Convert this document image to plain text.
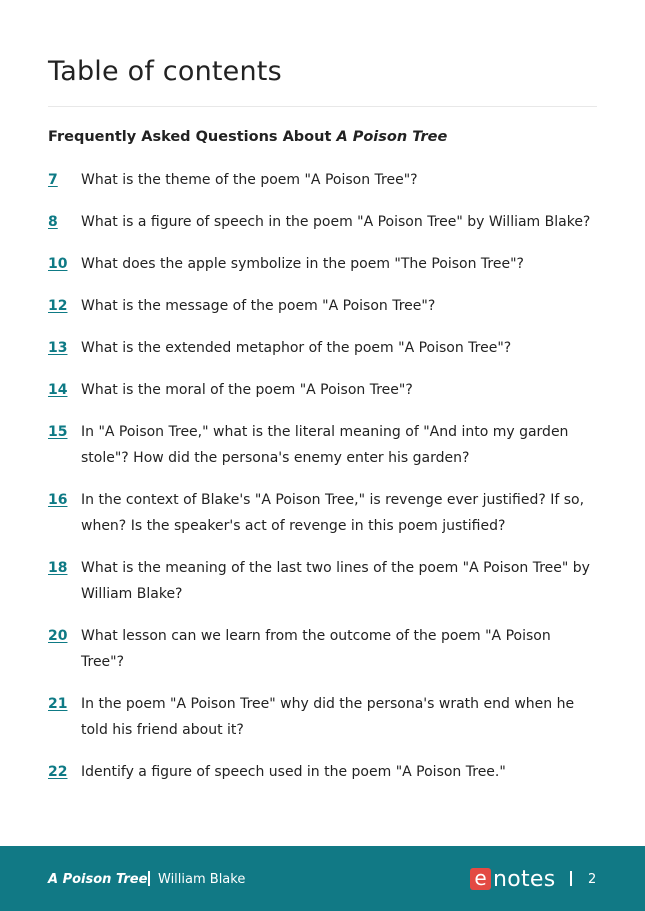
Table of contents
Frequently Asked Questions About A Poison Tree
7	What is the theme of the poem "A Poison Tree"?
8	What is a figure of speech in the poem "A Poison Tree" by William Blake?
10 What does the apple symbolize in the poem "The Poison Tree"?
12 What is the message of the poem "A Poison Tree"?
13 What is the extended metaphor of the poem "A Poison Tree"?
14 What is the moral of the poem "A Poison Tree"?
15 In "A Poison Tree," what is the literal meaning of "And into my garden stole"? How did the persona's enemy enter his garden?
16 In the context of Blake's "A Poison Tree," is revenge ever justified? If so, when? Is the speaker's act of revenge in this poem justified?
18 What is the meaning of the last two lines of the poem "A Poison Tree" by William Blake?
20 What lesson can we learn from the outcome of the poem "A Poison Tree"?
21 In the poem "A Poison Tree" why did the persona's wrath end when he told his friend about it?
22 Identify a figure of speech used in the poem "A Poison Tree."
A Poison Tree William Blake	e notes 2
